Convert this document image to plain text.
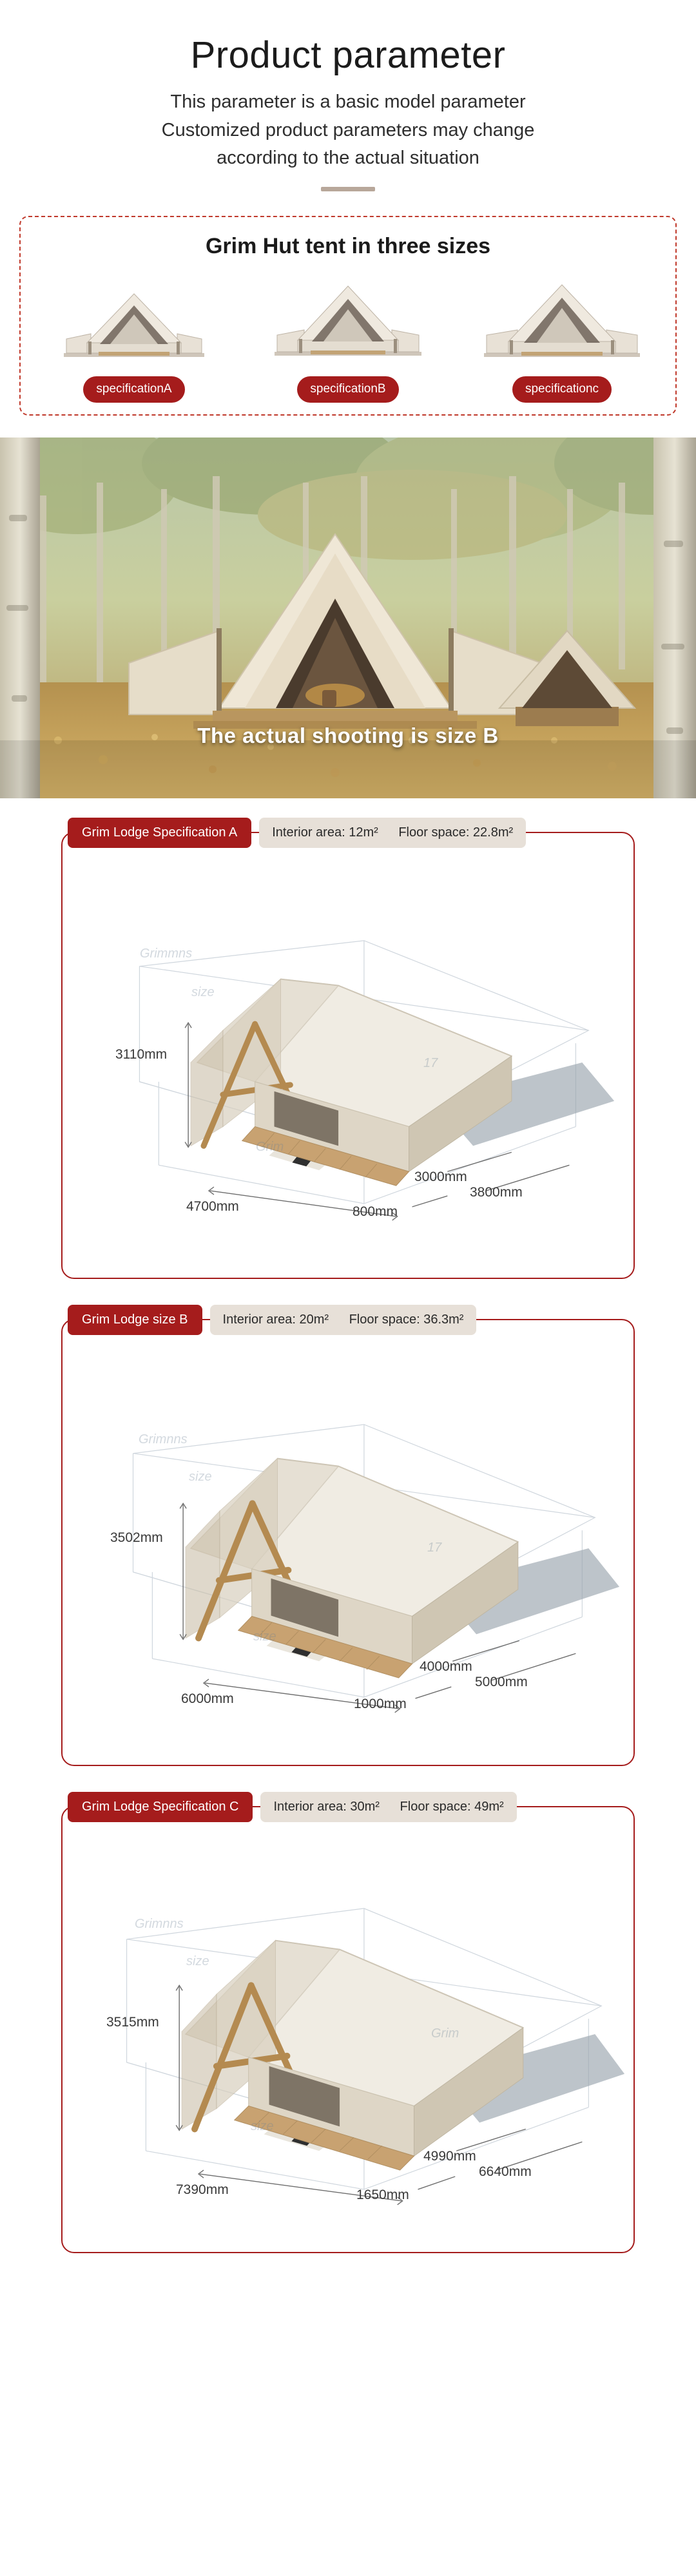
Product parameter
This parameter is a basic model parameter
Customized product parameters may change
according to the actual situation
Grim Hut tent in three sizes
specificationA	specificationB	specificationc
The actual shooting is size B
Grim Lodge Specification A	Interior area: 12m² Floor space: 22.8m²
Grimmns
size
17
Grim
3110mm
4700mm
3000mm
3800mm
800mm
Grim Lodge size B	Interior area: 20m² Floor space: 36.3m²
Grimnns
size
17
size
3502mm
6000mm
4000mm
5000mm
1000mm
Grim Lodge Specification C	Interior area: 30m² Floor space: 49m²
Grimnns
size
Grim
size
3515mm
7390mm
4990mm
6640mm
1650mm
